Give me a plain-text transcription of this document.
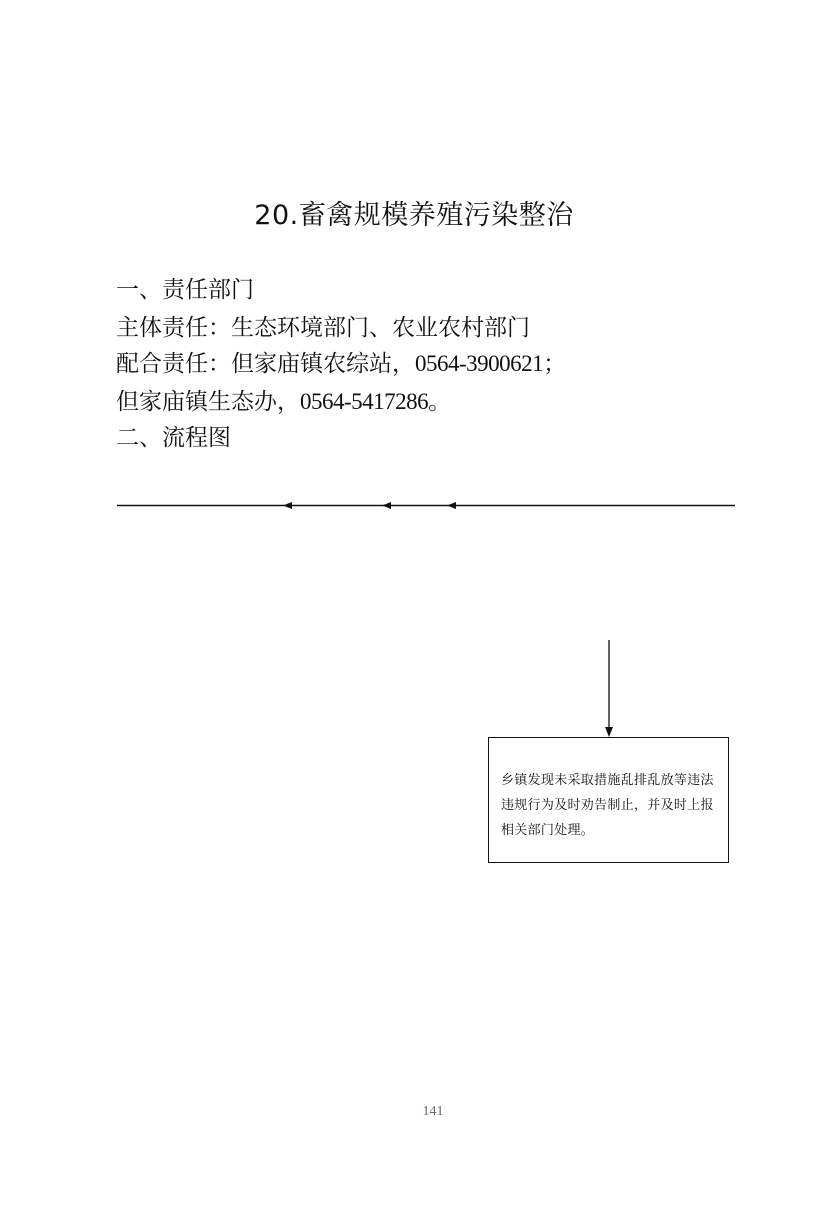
20.畜禽规模养殖污染整治
一、责任部门
主体责任：生态环境部门、农业农村部门
配合责任：但家庙镇农综站，0564-3900621；
但家庙镇生态办，0564-5417286。
二、流程图
乡镇发现未采取措施乱排乱放等违法违规行为及时劝告制止，并及时上报相关部门处理。
141
